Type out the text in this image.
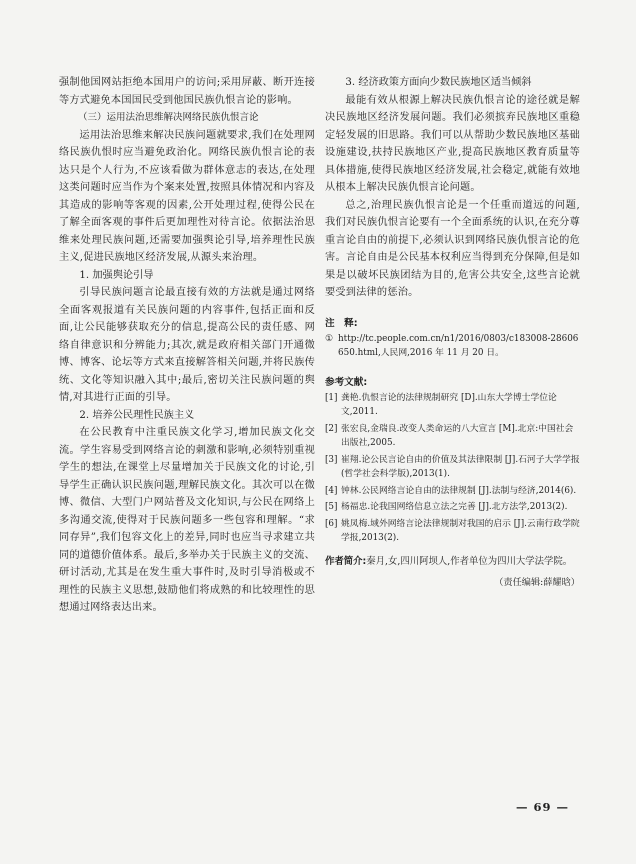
强制他国网站拒绝本国用户的访问;采用屏蔽、断开连接等方式避免本国国民受到他国民族仇恨言论的影响。

（三）运用法治思维解决网络民族仇恨言论

运用法治思维来解决民族问题就要求,我们在处理网络民族仇恨时应当避免政治化。网络民族仇恨言论的表达只是个人行为,不应该看做为群体意志的表达,在处理这类问题时应当作为个案来处置,按照具体情况和内容及其造成的影响等客观的因素,公开处理过程,使得公民在了解全面客观的事件后更加理性对待言论。依据法治思维来处理民族问题,还需要加强舆论引导,培养理性民族主义,促进民族地区经济发展,从源头来治理。

1. 加强舆论引导

引导民族问题言论最直接有效的方法就是通过网络全面客观报道有关民族问题的内容事件,包括正面和反面,让公民能够获取充分的信息,提高公民的责任感、网络自律意识和分辨能力;其次,就是政府相关部门开通微博、博客、论坛等方式来直接解答相关问题,并将民族传统、文化等知识融入其中;最后,密切关注民族问题的舆情,对其进行正面的引导。

2. 培养公民理性民族主义

在公民教育中注重民族文化学习,增加民族文化交流。学生容易受到网络言论的刺激和影响,必须特别重视学生的想法,在课堂上尽量增加关于民族文化的讨论,引导学生正确认识民族问题,理解民族文化。其次可以在微博、微信、大型门户网站普及文化知识,与公民在网络上多沟通交流,使得对于民族问题多一些包容和理解。“求同存异”,我们包容文化上的差异,同时也应当寻求建立共同的道德价值体系。最后,多举办关于民族主义的交流、研讨活动,尤其是在发生重大事件时,及时引导消极或不理性的民族主义思想,鼓励他们将成熟的和比较理性的思想通过网络表达出来。

3. 经济政策方面向少数民族地区适当倾斜

最能有效从根源上解决民族仇恨言论的途径就是解决民族地区经济发展问题。我们必须摈弃民族地区重稳定轻发展的旧思路。我们可以从帮助少数民族地区基础设施建设,扶持民族地区产业,提高民族地区教育质量等具体措施,使得民族地区经济发展,社会稳定,就能有效地从根本上解决民族仇恨言论问题。

总之,治理民族仇恨言论是一个任重而道远的问题,我们对民族仇恨言论要有一个全面系统的认识,在充分尊重言论自由的前提下,必须认识到网络民族仇恨言论的危害。言论自由是公民基本权利应当得到充分保障,但是如果是以破坏民族团结为目的,危害公共安全,这些言论就要受到法律的惩治。

注　释:
① http://tc.people.com.cn/n1/2016/0803/c183008-28606650.html,人民网,2016 年 11 月 20 日。
参考文献:
[1] 龚艳.仇恨言论的法律规制研究 [D].山东大学博士学位论文,2011.
[2] 张宏良,金瑞良.改变人类命运的八大宣言 [M].北京:中国社会出版社,2005.
[3] 崔翔.论公民言论自由的价值及其法律限制 [J].石河子大学学报(哲学社会科学版),2013(1).
[4] 钟林.公民网络言论自由的法律规制 [J].法制与经济,2014(6).
[5] 杨福忠.论我国网络信息立法之完善 [J].北方法学,2013(2).
[6] 姚凤梅.域外网络言论法律规制对我国的启示 [J].云南行政学院学报,2013(2).
作者简介: 秦月,女,四川阿坝人,作者单位为四川大学法学院。
（责任编辑:薛耀晗）
— 69 —
